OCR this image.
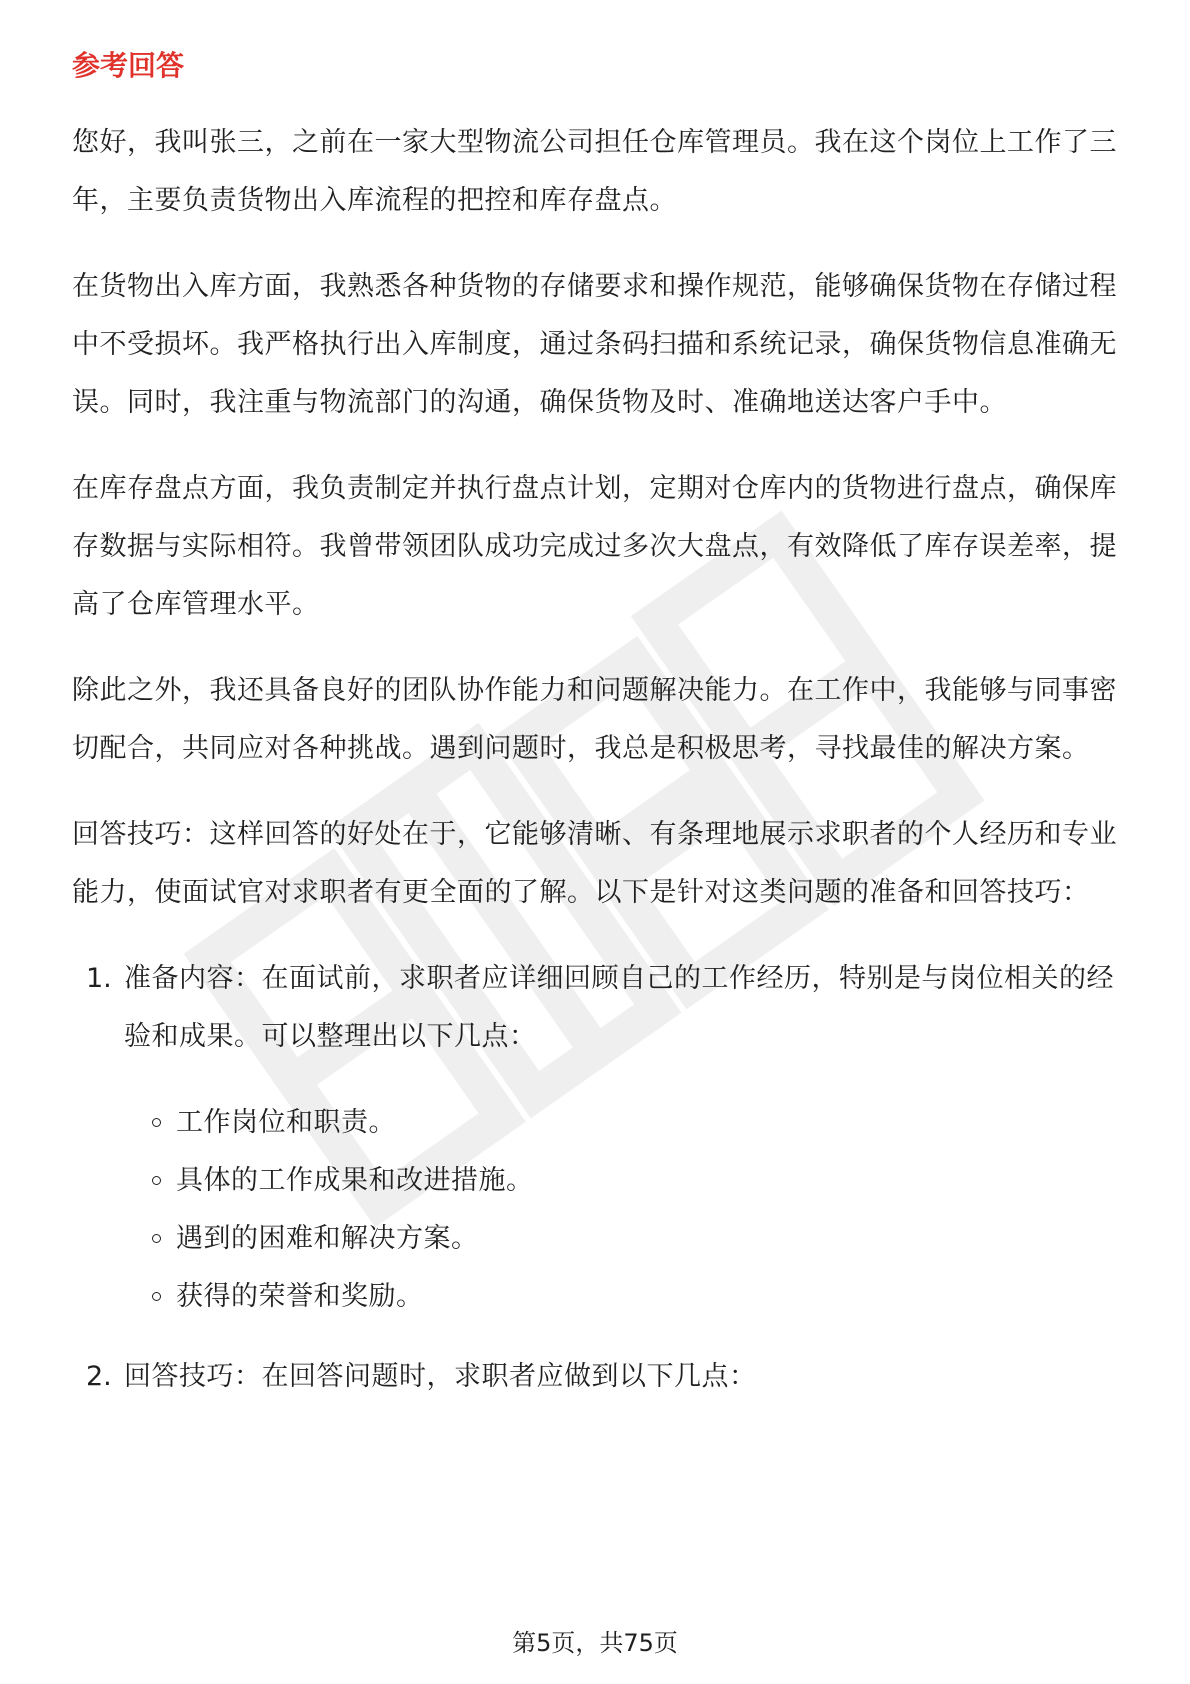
参考回答

您好，我叫张三，之前在一家大型物流公司担任仓库管理员。我在这个岗位上工作了三年，主要负责货物出入库流程的把控和库存盘点。

在货物出入库方面，我熟悉各种货物的存储要求和操作规范，能够确保货物在存储过程中不受损坏。我严格执行出入库制度，通过条码扫描和系统记录，确保货物信息准确无误。同时，我注重与物流部门的沟通，确保货物及时、准确地送达客户手中。

在库存盘点方面，我负责制定并执行盘点计划，定期对仓库内的货物进行盘点，确保库存数据与实际相符。我曾带领团队成功完成过多次大盘点，有效降低了库存误差率，提高了仓库管理水平。

除此之外，我还具备良好的团队协作能力和问题解决能力。在工作中，我能够与同事密切配合，共同应对各种挑战。遇到问题时，我总是积极思考，寻找最佳的解决方案。

回答技巧：这样回答的好处在于，它能够清晰、有条理地展示求职者的个人经历和专业能力，使面试官对求职者有更全面的了解。以下是针对这类问题的准备和回答技巧：

1. 准备内容：在面试前，求职者应详细回顾自己的工作经历，特别是与岗位相关的经验和成果。可以整理出以下几点：
工作岗位和职责。
具体的工作成果和改进措施。
遇到的困难和解决方案。
获得的荣誉和奖励。
2. 回答技巧：在回答问题时，求职者应做到以下几点：
第5页，共75页
